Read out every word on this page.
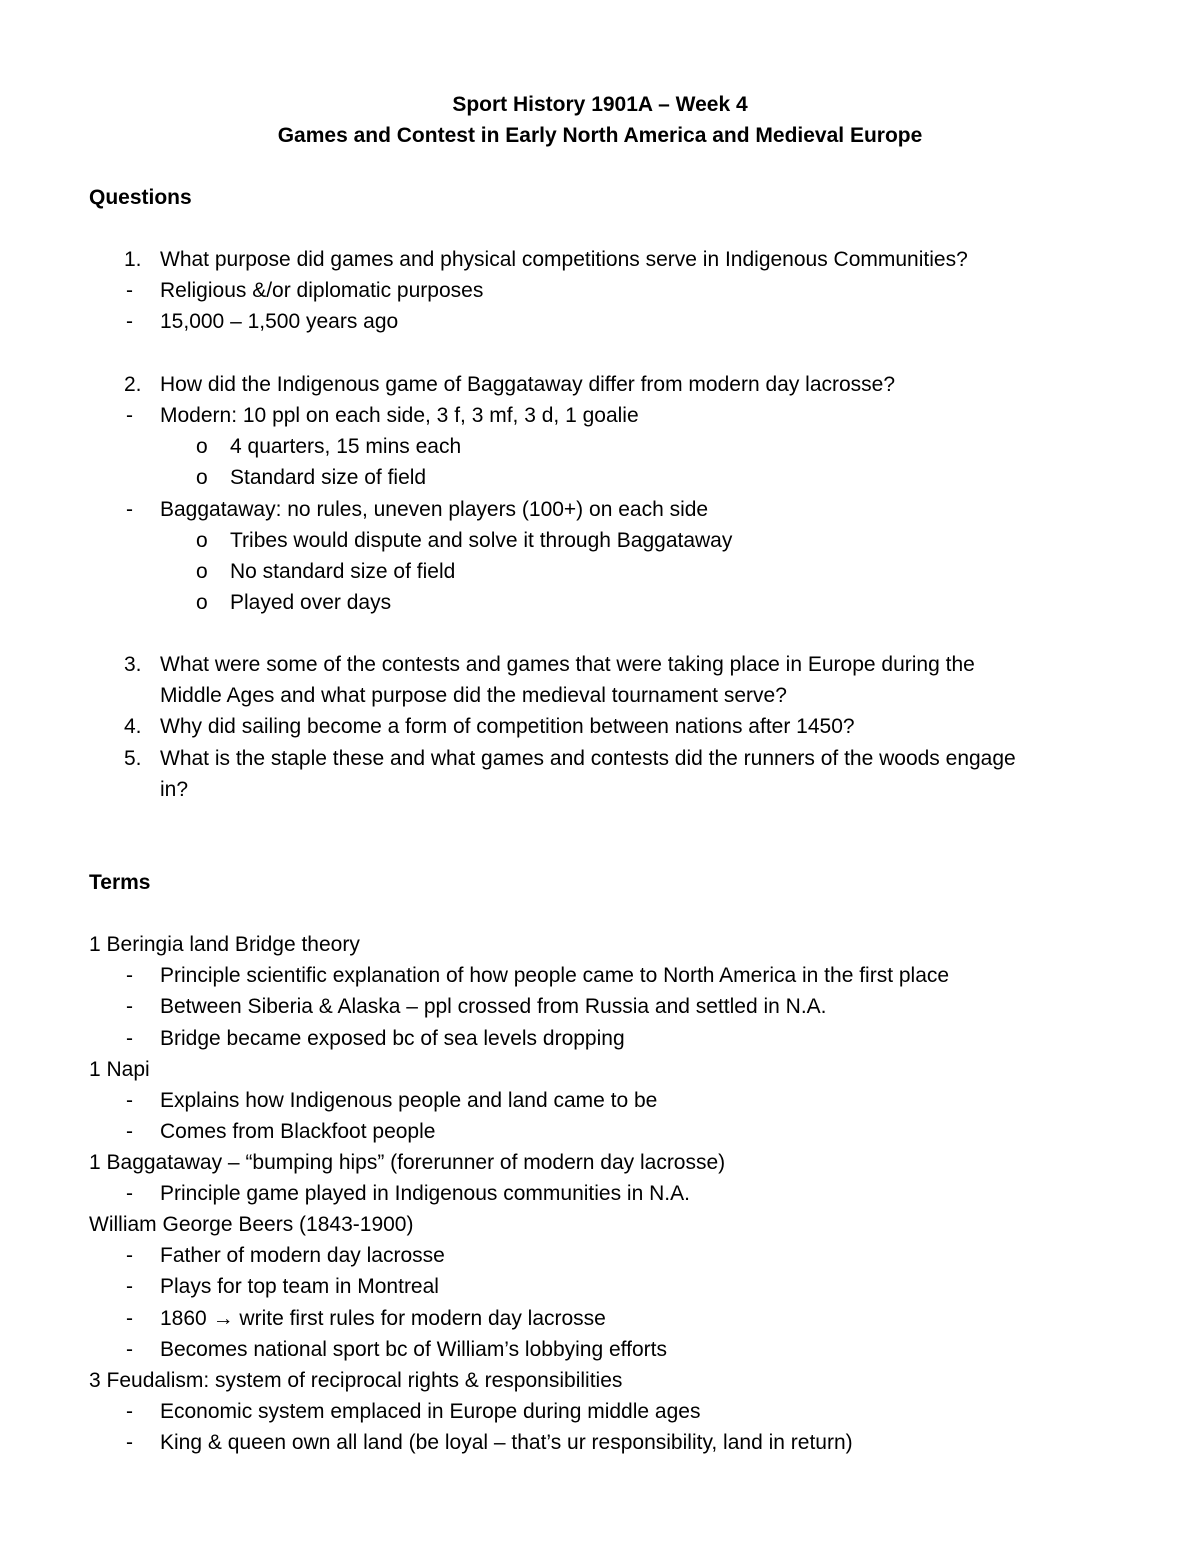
Sport History 1901A – Week 4
Games and Contest in Early North America and Medieval Europe
Questions
1. What purpose did games and physical competitions serve in Indigenous Communities?
- Religious &/or diplomatic purposes
- 15,000 – 1,500 years ago
2. How did the Indigenous game of Baggataway differ from modern day lacrosse?
- Modern: 10 ppl on each side, 3 f, 3 mf, 3 d, 1 goalie
o 4 quarters, 15 mins each
o Standard size of field
- Baggataway: no rules, uneven players (100+) on each side
o Tribes would dispute and solve it through Baggataway
o No standard size of field
o Played over days
3. What were some of the contests and games that were taking place in Europe during the
Middle Ages and what purpose did the medieval tournament serve?
4. Why did sailing become a form of competition between nations after 1450?
5. What is the staple these and what games and contests did the runners of the woods engage
in?
Terms
1 Beringia land Bridge theory
- Principle scientific explanation of how people came to North America in the first place
- Between Siberia & Alaska – ppl crossed from Russia and settled in N.A.
- Bridge became exposed bc of sea levels dropping
1 Napi
- Explains how Indigenous people and land came to be
- Comes from Blackfoot people
1 Baggataway – “bumping hips” (forerunner of modern day lacrosse)
- Principle game played in Indigenous communities in N.A.
William George Beers (1843-1900)
- Father of modern day lacrosse
- Plays for top team in Montreal
- 1860 → write first rules for modern day lacrosse
- Becomes national sport bc of William’s lobbying efforts
3 Feudalism: system of reciprocal rights & responsibilities
- Economic system emplaced in Europe during middle ages
- King & queen own all land (be loyal – that’s ur responsibility, land in return)
